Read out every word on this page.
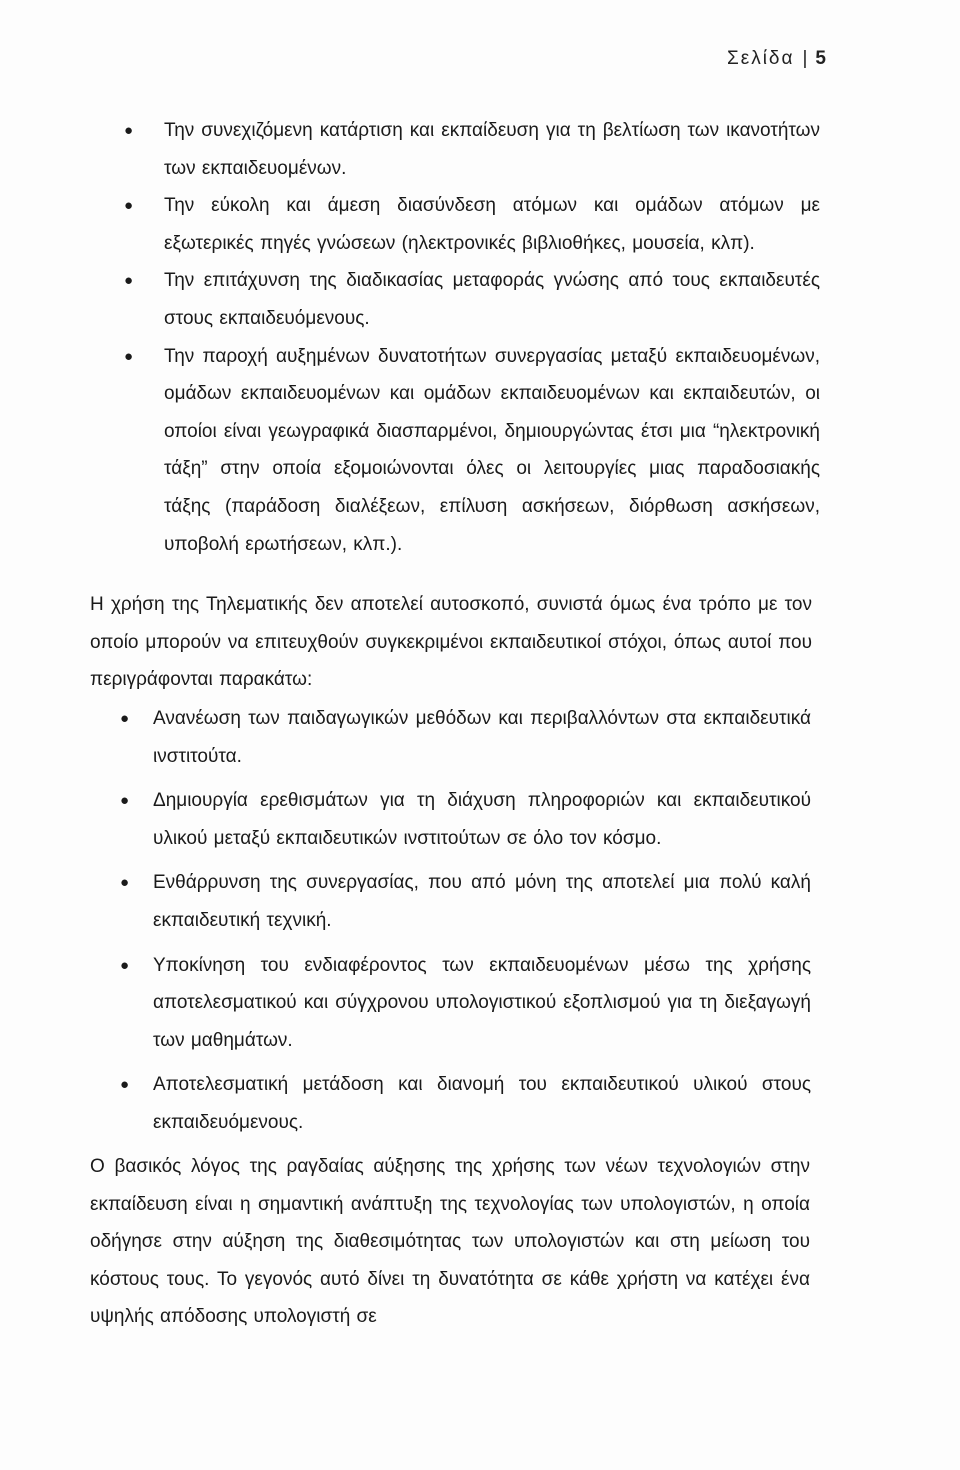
Σελίδα | 5
● Την συνεχιζόμενη κατάρτιση και εκπαίδευση για τη βελτίωση των ικανοτήτων των εκπαιδευομένων.
● Την εύκολη και άμεση διασύνδεση ατόμων και ομάδων ατόμων με εξωτερικές πηγές γνώσεων (ηλεκτρονικές βιβλιοθήκες, μουσεία, κλπ).
● Την επιτάχυνση της διαδικασίας μεταφοράς γνώσης από τους εκπαιδευτές στους εκπαιδευόμενους.
● Την παροχή αυξημένων δυνατοτήτων συνεργασίας μεταξύ εκπαιδευομένων, ομάδων εκπαιδευομένων και ομάδων εκπαιδευομένων και εκπαιδευτών, οι οποίοι είναι γεωγραφικά διασπαρμένοι, δημιουργώντας έτσι μια “ηλεκτρονική τάξη” στην οποία εξομοιώνονται όλες οι λειτουργίες μιας παραδοσιακής τάξης (παράδοση διαλέξεων, επίλυση ασκήσεων, διόρθωση ασκήσεων, υποβολή ερωτήσεων, κλπ.).

Η χρήση της Τηλεματικής δεν αποτελεί αυτοσκοπό, συνιστά όμως ένα τρόπο με τον οποίο μπορούν να επιτευχθούν συγκεκριμένοι εκπαιδευτικοί στόχοι, όπως αυτοί που περιγράφονται παρακάτω:

● Ανανέωση των παιδαγωγικών μεθόδων και περιβαλλόντων στα εκπαιδευτικά ινστιτούτα.
● Δημιουργία ερεθισμάτων για τη διάχυση πληροφοριών και εκπαιδευτικού υλικού μεταξύ εκπαιδευτικών ινστιτούτων σε όλο τον κόσμο.
● Ενθάρρυνση της συνεργασίας, που από μόνη της αποτελεί μια πολύ καλή εκπαιδευτική τεχνική.
● Υποκίνηση του ενδιαφέροντος των εκπαιδευομένων μέσω της χρήσης αποτελεσματικού και σύγχρονου υπολογιστικού εξοπλισμού για τη διεξαγωγή των μαθημάτων.
● Αποτελεσματική μετάδοση και διανομή του εκπαιδευτικού υλικού στους εκπαιδευόμενους.

Ο βασικός λόγος της ραγδαίας αύξησης της χρήσης των νέων τεχνολογιών στην εκπαίδευση είναι η σημαντική ανάπτυξη της τεχνολογίας των υπολογιστών, η οποία οδήγησε στην αύξηση της διαθεσιμότητας των υπολογιστών και στη μείωση του κόστους τους. Το γεγονός αυτό δίνει τη δυνατότητα σε κάθε χρήστη να κατέχει ένα υψηλής απόδοσης υπολογιστή σε
